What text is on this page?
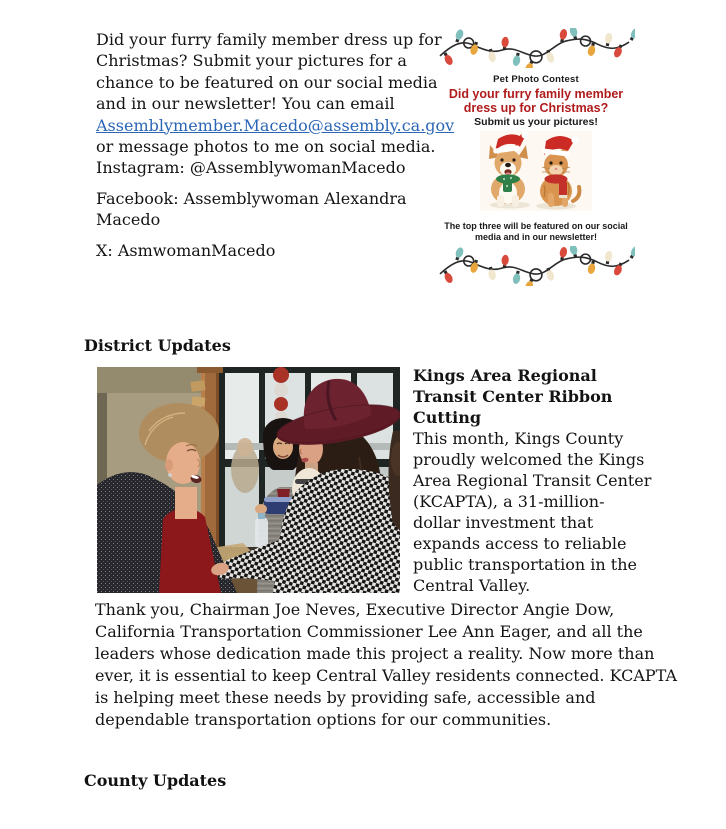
Did your furry family member dress up for
Christmas? Submit your pictures for a
chance to be featured on our social media
and in our newsletter! You can email

Assemblymember.Macedo@assembly.ca.gov

or message photos to me on social media.
Instagram: @AssemblywomanMacedo

Facebook: Assemblywoman Alexandra
Macedo

X: AsmwomanMacedo

Pet Photo Contest
Did your furry family member
dress up for Christmas?
Submit us your pictures!
The top three will be featured on our social
media and in our newsletter!
District Updates
Kings Area Regional
Transit Center Ribbon
Cutting

This month, Kings County
proudly welcomed the Kings
Area Regional Transit Center
(KCAPTA), a 31-million-
dollar investment that
expands access to reliable
public transportation in the
Central Valley.

Thank you, Chairman Joe Neves, Executive Director Angie Dow,
California Transportation Commissioner Lee Ann Eager, and all the
leaders whose dedication made this project a reality. Now more than
ever, it is essential to keep Central Valley residents connected. KCAPTA
is helping meet these needs by providing safe, accessible and
dependable transportation options for our communities.

County Updates
